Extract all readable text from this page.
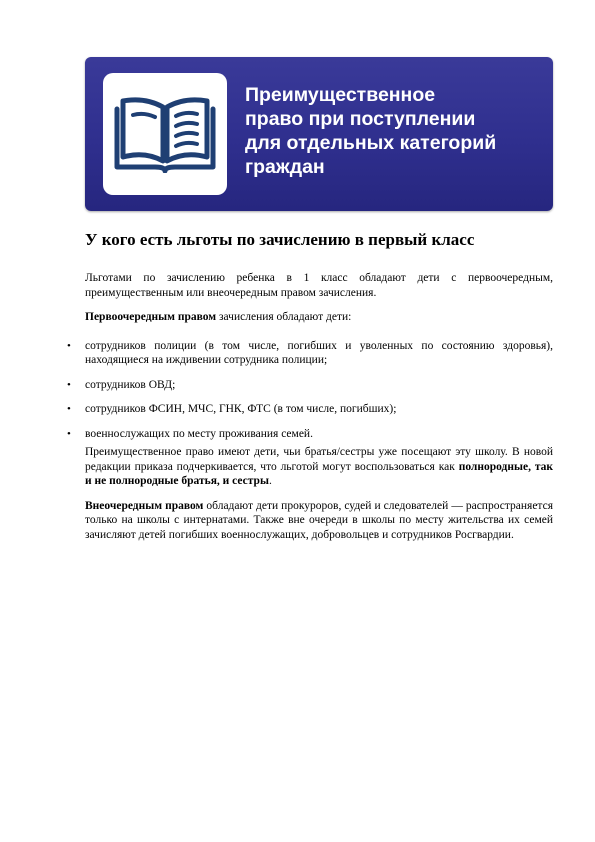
Преимущественное
право при поступлении
для отдельных категорий
граждан
У кого есть льготы по зачислению в первый класс

Льготами по зачислению ребенка в 1 класс обладают дети с первоочередным, преимущественным или внеочередным правом зачисления.

Первоочередным правом зачисления обладают дети:

• сотрудников полиции (в том числе, погибших и уволенных по состоянию здоровья), находящиеся на иждивении сотрудника полиции;
• сотрудников ОВД;
• сотрудников ФСИН, МЧС, ГНК, ФТС (в том числе, погибших);
• военнослужащих по месту проживания семей.

Преимущественное право имеют дети, чьи братья/сестры уже посещают эту школу. В новой редакции приказа подчеркивается, что льготой могут воспользоваться как полнородные, так и не полнородные братья, и сестры.

Внеочередным правом обладают дети прокуроров, судей и следователей — распространяется только на школы с интернатами. Также вне очереди в школы по месту жительства их семей зачисляют детей погибших военнослужащих, добровольцев и сотрудников Росгвардии.
